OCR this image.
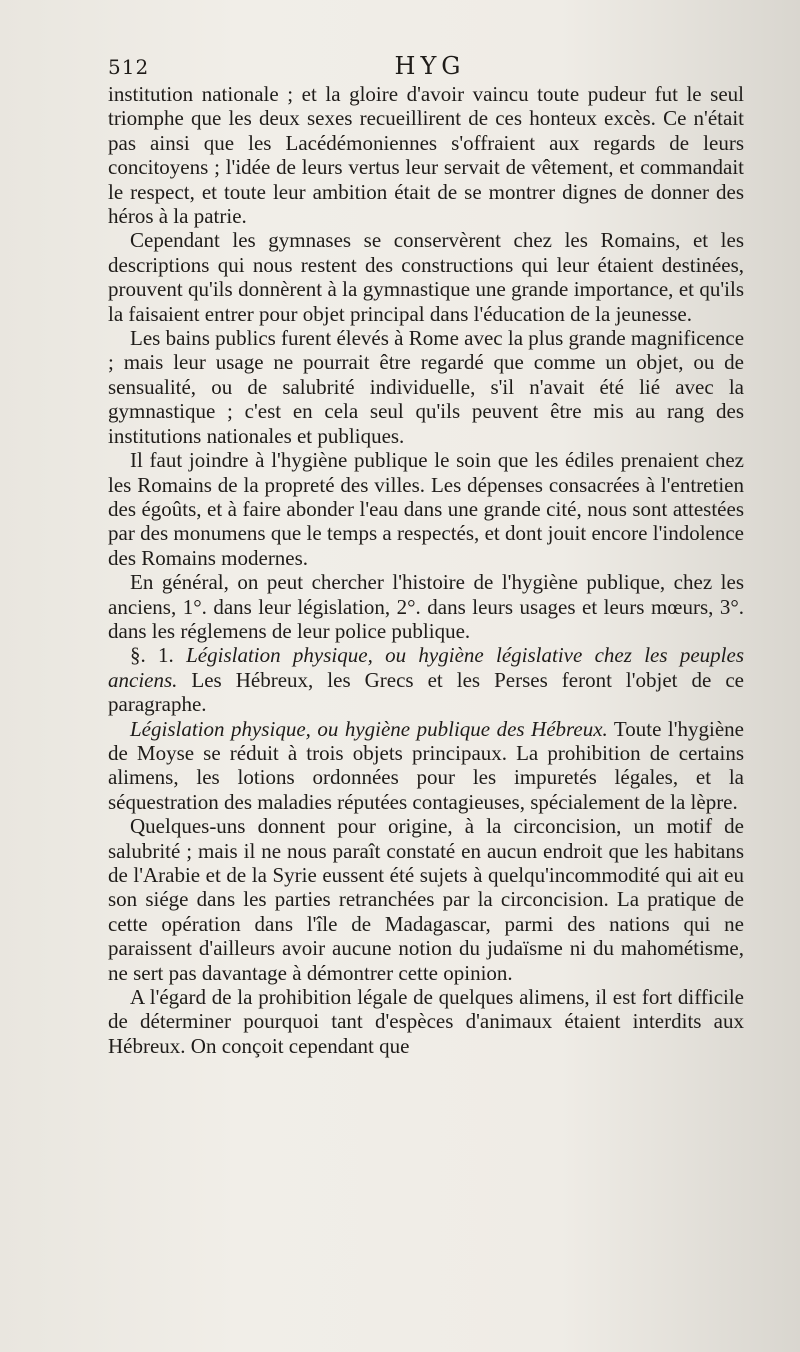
512	HYG

institution nationale ; et la gloire d'avoir vaincu toute pudeur fut le seul triomphe que les deux sexes recueillirent de ces honteux excès. Ce n'était pas ainsi que les Lacédémoniennes s'offraient aux regards de leurs concitoyens ; l'idée de leurs vertus leur servait de vêtement, et commandait le respect, et toute leur ambition était de se montrer dignes de donner des héros à la patrie.

Cependant les gymnases se conservèrent chez les Romains, et les descriptions qui nous restent des constructions qui leur étaient destinées, prouvent qu'ils donnèrent à la gymnastique une grande importance, et qu'ils la faisaient entrer pour objet principal dans l'éducation de la jeunesse.

Les bains publics furent élevés à Rome avec la plus grande magnificence ; mais leur usage ne pourrait être regardé que comme un objet, ou de sensualité, ou de salubrité individuelle, s'il n'avait été lié avec la gymnastique ; c'est en cela seul qu'ils peuvent être mis au rang des institutions nationales et publiques.

Il faut joindre à l'hygiène publique le soin que les édiles prenaient chez les Romains de la propreté des villes. Les dépenses consacrées à l'entretien des égoûts, et à faire abonder l'eau dans une grande cité, nous sont attestées par des monumens que le temps a respectés, et dont jouit encore l'indolence des Romains modernes.

En général, on peut chercher l'histoire de l'hygiène publique, chez les anciens, 1°. dans leur législation, 2°. dans leurs usages et leurs mœurs, 3°. dans les réglemens de leur police publique.

§. 1. Législation physique, ou hygiène législative chez les peuples anciens. Les Hébreux, les Grecs et les Perses feront l'objet de ce paragraphe.

Législation physique, ou hygiène publique des Hébreux. Toute l'hygiène de Moyse se réduit à trois objets principaux. La prohibition de certains alimens, les lotions ordonnées pour les impuretés légales, et la séquestration des maladies réputées contagieuses, spécialement de la lèpre.

Quelques-uns donnent pour origine, à la circoncision, un motif de salubrité ; mais il ne nous paraît constaté en aucun endroit que les habitans de l'Arabie et de la Syrie eussent été sujets à quelqu'incommodité qui ait eu son siége dans les parties retranchées par la circoncision. La pratique de cette opération dans l'île de Madagascar, parmi des nations qui ne paraissent d'ailleurs avoir aucune notion du judaïsme ni du mahométisme, ne sert pas davantage à démontrer cette opinion.

A l'égard de la prohibition légale de quelques alimens, il est fort difficile de déterminer pourquoi tant d'espèces d'animaux étaient interdits aux Hébreux. On conçoit cependant que
